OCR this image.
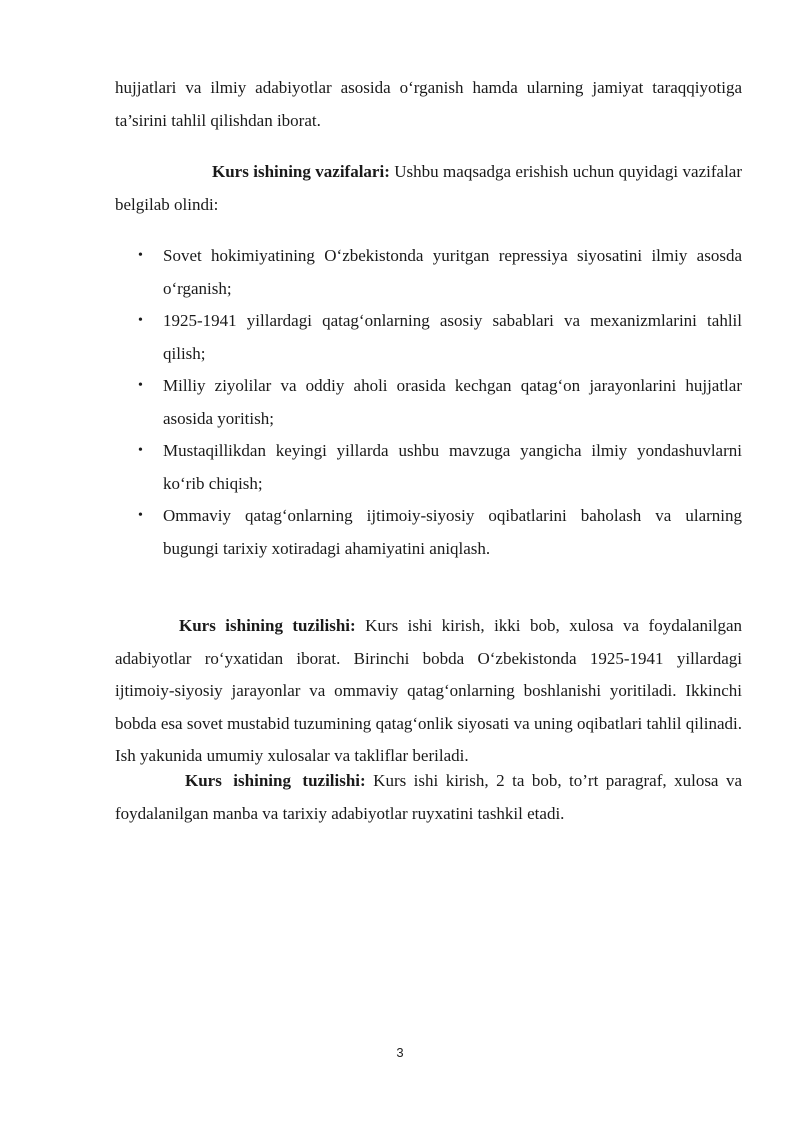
hujjatlari va ilmiy adabiyotlar asosida o‘rganish hamda ularning jamiyat taraqqiyotiga ta’sirini tahlil qilishdan iborat.

Kurs ishining vazifalari: Ushbu maqsadga erishish uchun quyidagi vazifalar belgilab olindi:

• Sovet hokimiyatining O‘zbekistonda yuritgan repressiya siyosatini ilmiy asosda o‘rganish;
• 1925-1941 yillardagi qatag‘onlarning asosiy sabablari va mexanizmlarini tahlil qilish;
• Milliy ziyolilar va oddiy aholi orasida kechgan qatag‘on jarayonlarini hujjatlar asosida yoritish;
• Mustaqillikdan keyingi yillarda ushbu mavzuga yangicha ilmiy yondashuvlarni ko‘rib chiqish;
• Ommaviy qatag‘onlarning ijtimoiy-siyosiy oqibatlarini baholash va ularning bugungi tarixiy xotiradagi ahamiyatini aniqlash.

Kurs ishining tuzilishi: Kurs ishi kirish, ikki bob, xulosa va foydalanilgan adabiyotlar ro‘yxatidan iborat. Birinchi bobda O‘zbekistonda 1925-1941 yillardagi ijtimoiy-siyosiy jarayonlar va ommaviy qatag‘onlarning boshlanishi yoritiladi. Ikkinchi bobda esa sovet mustabid tuzumining qatag‘onlik siyosati va uning oqibatlari tahlil qilinadi. Ish yakunida umumiy xulosalar va takliflar beriladi.

Kurs ishining tuzilishi: Kurs ishi kirish, 2 ta bob, to’rt paragraf, xulosa va foydalanilgan manba va tarixiy adabiyotlar ruyxatini tashkil etadi.

3
